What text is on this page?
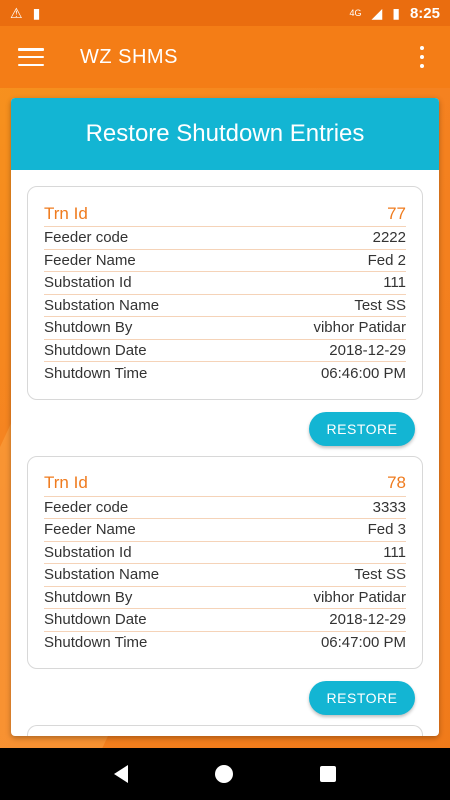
⚠ ▮	4G ◢ ▮ 8:25
WZ SHMS
Restore Shutdown Entries
Trn Id	77
Feeder code	2222
Feeder Name	Fed 2
Substation Id	111
Substation Name	Test SS
Shutdown By	vibhor Patidar
Shutdown Date	2018-12-29
Shutdown Time	06:46:00 PM
RESTORE
Trn Id	78
Feeder code	3333
Feeder Name	Fed 3
Substation Id	111
Substation Name	Test SS
Shutdown By	vibhor Patidar
Shutdown Date	2018-12-29
Shutdown Time	06:47:00 PM
RESTORE
